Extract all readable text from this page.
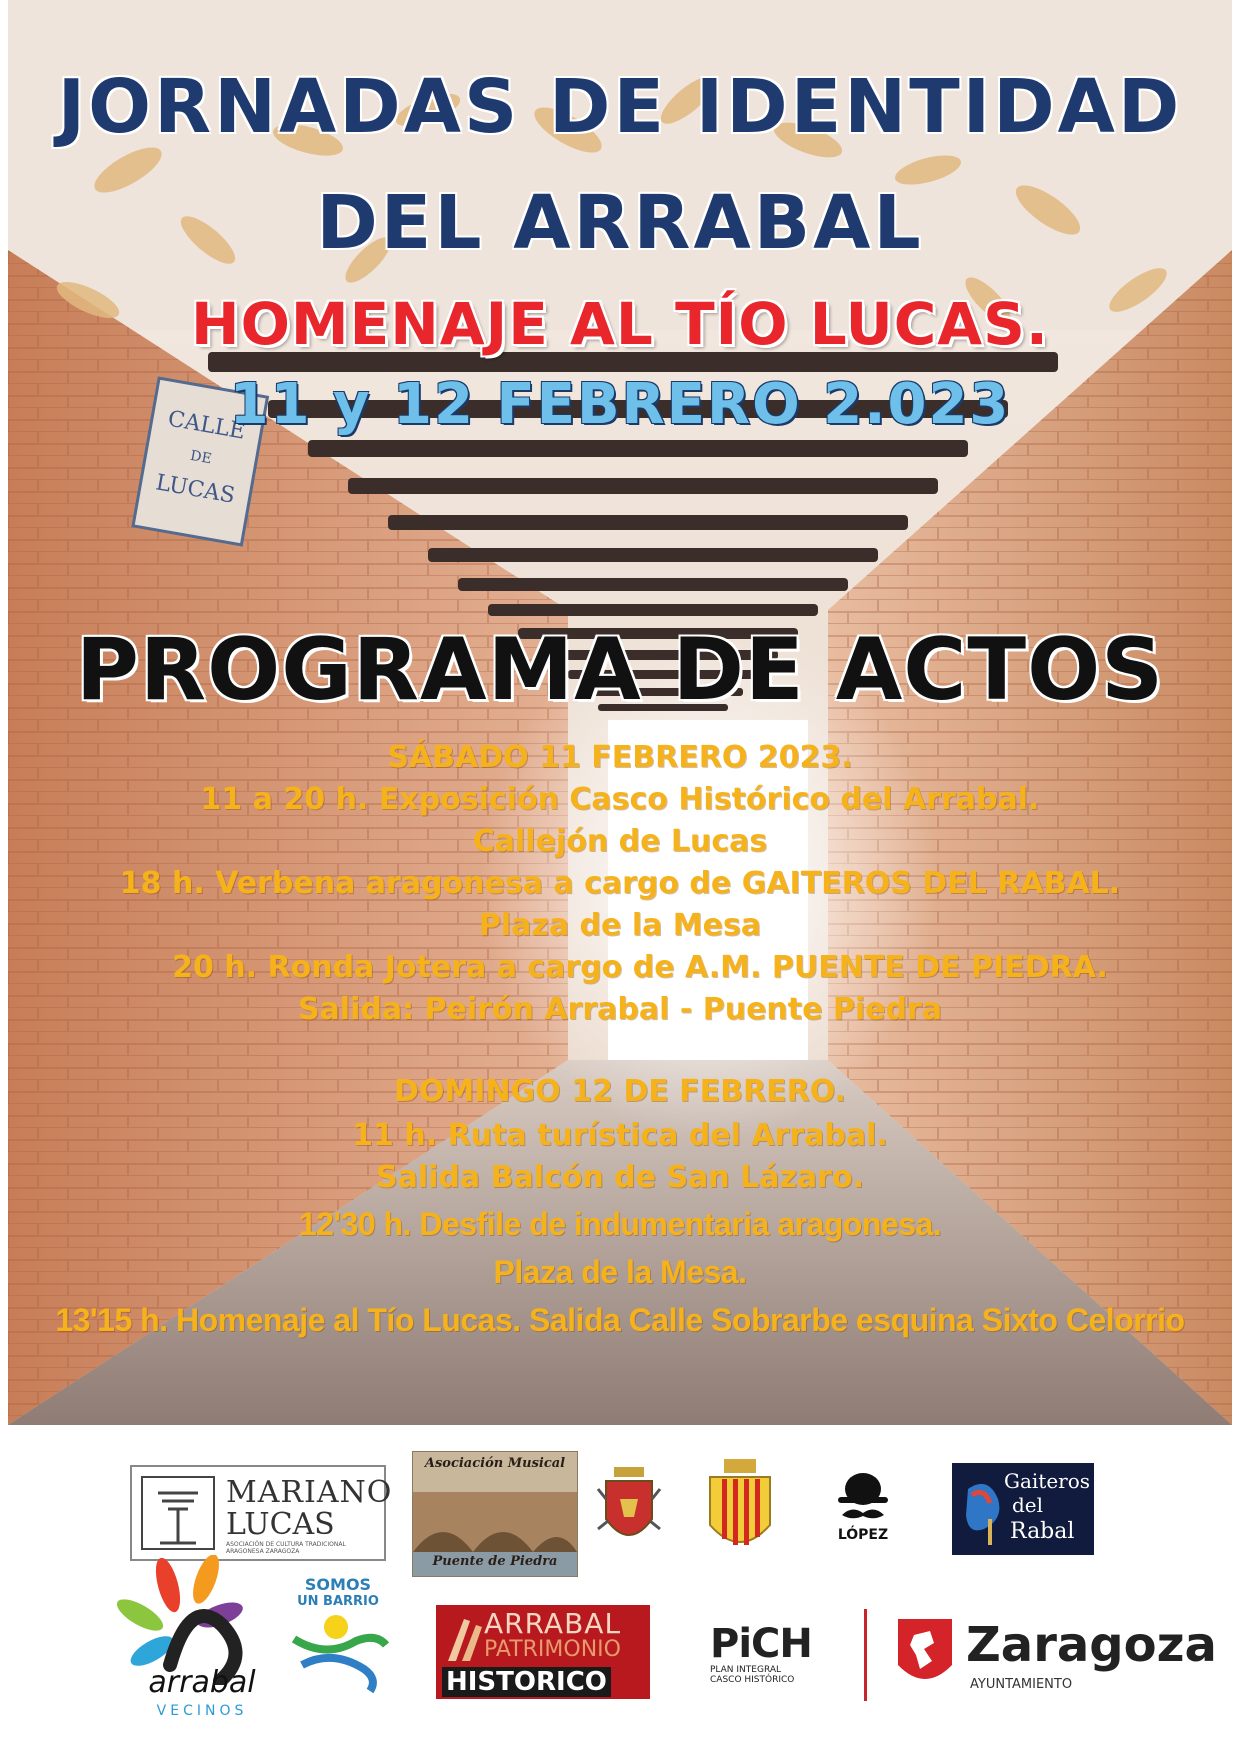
CALLE
DE
LUCAS
JORNADAS DE IDENTIDAD
DEL ARRABAL
HOMENAJE AL TÍO LUCAS.
11 y 12 FEBRERO 2.023
PROGRAMA DE ACTOS
SÁBADO 11 FEBRERO 2023.
11 a 20 h. Exposición Casco Histórico del Arrabal.
Callejón de Lucas
18 h. Verbena aragonesa a cargo de GAITEROS DEL RABAL.
Plaza de la Mesa
20 h. Ronda Jotera a cargo de A.M. PUENTE DE PIEDRA.
Salida: Peirón Arrabal - Puente Piedra
DOMINGO 12 DE FEBRERO.
11 h. Ruta turística del Arrabal.
Salida Balcón de San Lázaro.
12'30 h. Desfile de indumentaria aragonesa.
Plaza de la Mesa.
13'15 h. Homenaje al Tío Lucas. Salida Calle Sobrarbe esquina Sixto Celorrio
MARIANO
LUCAS
ASOCIACIÓN DE CULTURA TRADICIONAL ARAGONESA ZARAGOZA
Asociación Musical
Puente de Piedra
LÓPEZ
Gaiteros
del
Rabal
arrabal
VECINOS
SOMOS
UN BARRIO
ARRABAL
PATRIMONIO
HISTORICO
PiCH
PLAN INTEGRAL
CASCO HISTÓRICO
Zaragoza
AYUNTAMIENTO
